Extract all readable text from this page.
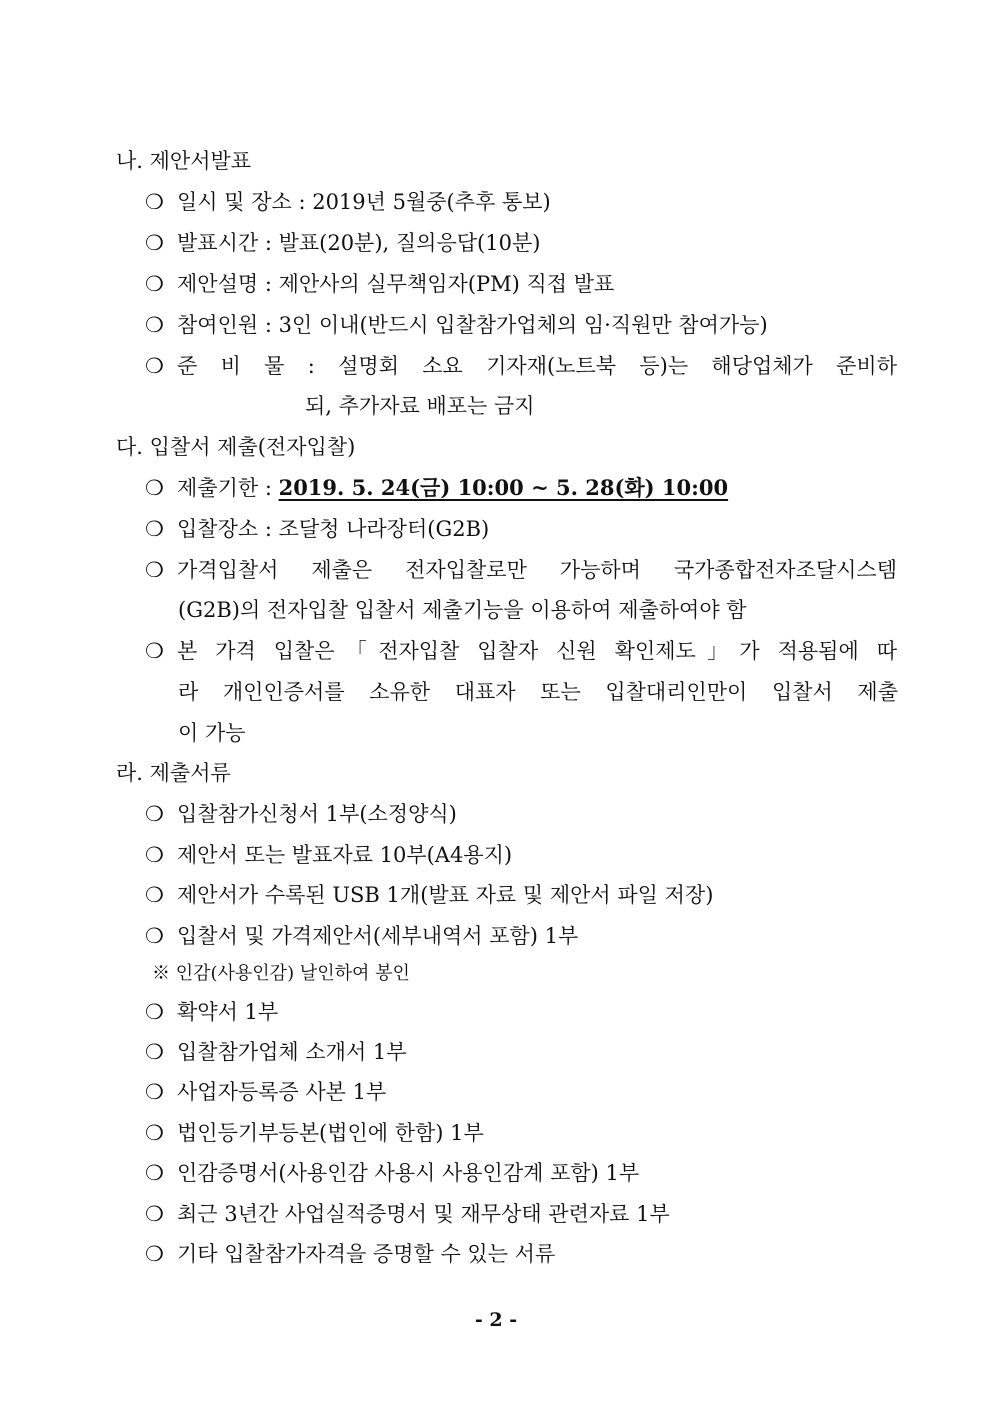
나. 제안서발표
❍ 일시 및 장소 : 2019년 5월중(추후 통보)
❍ 발표시간 : 발표(20분), 질의응답(10분)
❍ 제안설명 : 제안사의 실무책임자(PM) 직접 발표
❍ 참여인원 : 3인 이내(반드시 입찰참가업체의 임·직원만 참여가능)
❍ 준 비 물 : 설명회 소요 기자재(노트북 등)는 해당업체가 준비하
되, 추가자료 배포는 금지
다. 입찰서 제출(전자입찰)
❍ 제출기한 : 2019. 5. 24(금) 10:00 ~ 5. 28(화) 10:00
❍ 입찰장소 : 조달청 나라장터(G2B)
❍ 가격입찰서 제출은 전자입찰로만 가능하며 국가종합전자조달시스템
(G2B)의 전자입찰 입찰서 제출기능을 이용하여 제출하여야 함
❍ 본 가격 입찰은「전자입찰 입찰자 신원 확인제도」가 적용됨에 따
라 개인인증서를 소유한 대표자 또는 입찰대리인만이 입찰서 제출
이 가능
라. 제출서류
❍ 입찰참가신청서 1부(소정양식)
❍ 제안서 또는 발표자료 10부(A4용지)
❍ 제안서가 수록된 USB 1개(발표 자료 및 제안서 파일 저장)
❍ 입찰서 및 가격제안서(세부내역서 포함) 1부
※ 인감(사용인감) 날인하여 봉인
❍ 확약서 1부
❍ 입찰참가업체 소개서 1부
❍ 사업자등록증 사본 1부
❍ 법인등기부등본(법인에 한함) 1부
❍ 인감증명서(사용인감 사용시 사용인감계 포함) 1부
❍ 최근 3년간 사업실적증명서 및 재무상태 관련자료 1부
❍ 기타 입찰참가자격을 증명할 수 있는 서류
- 2 -
